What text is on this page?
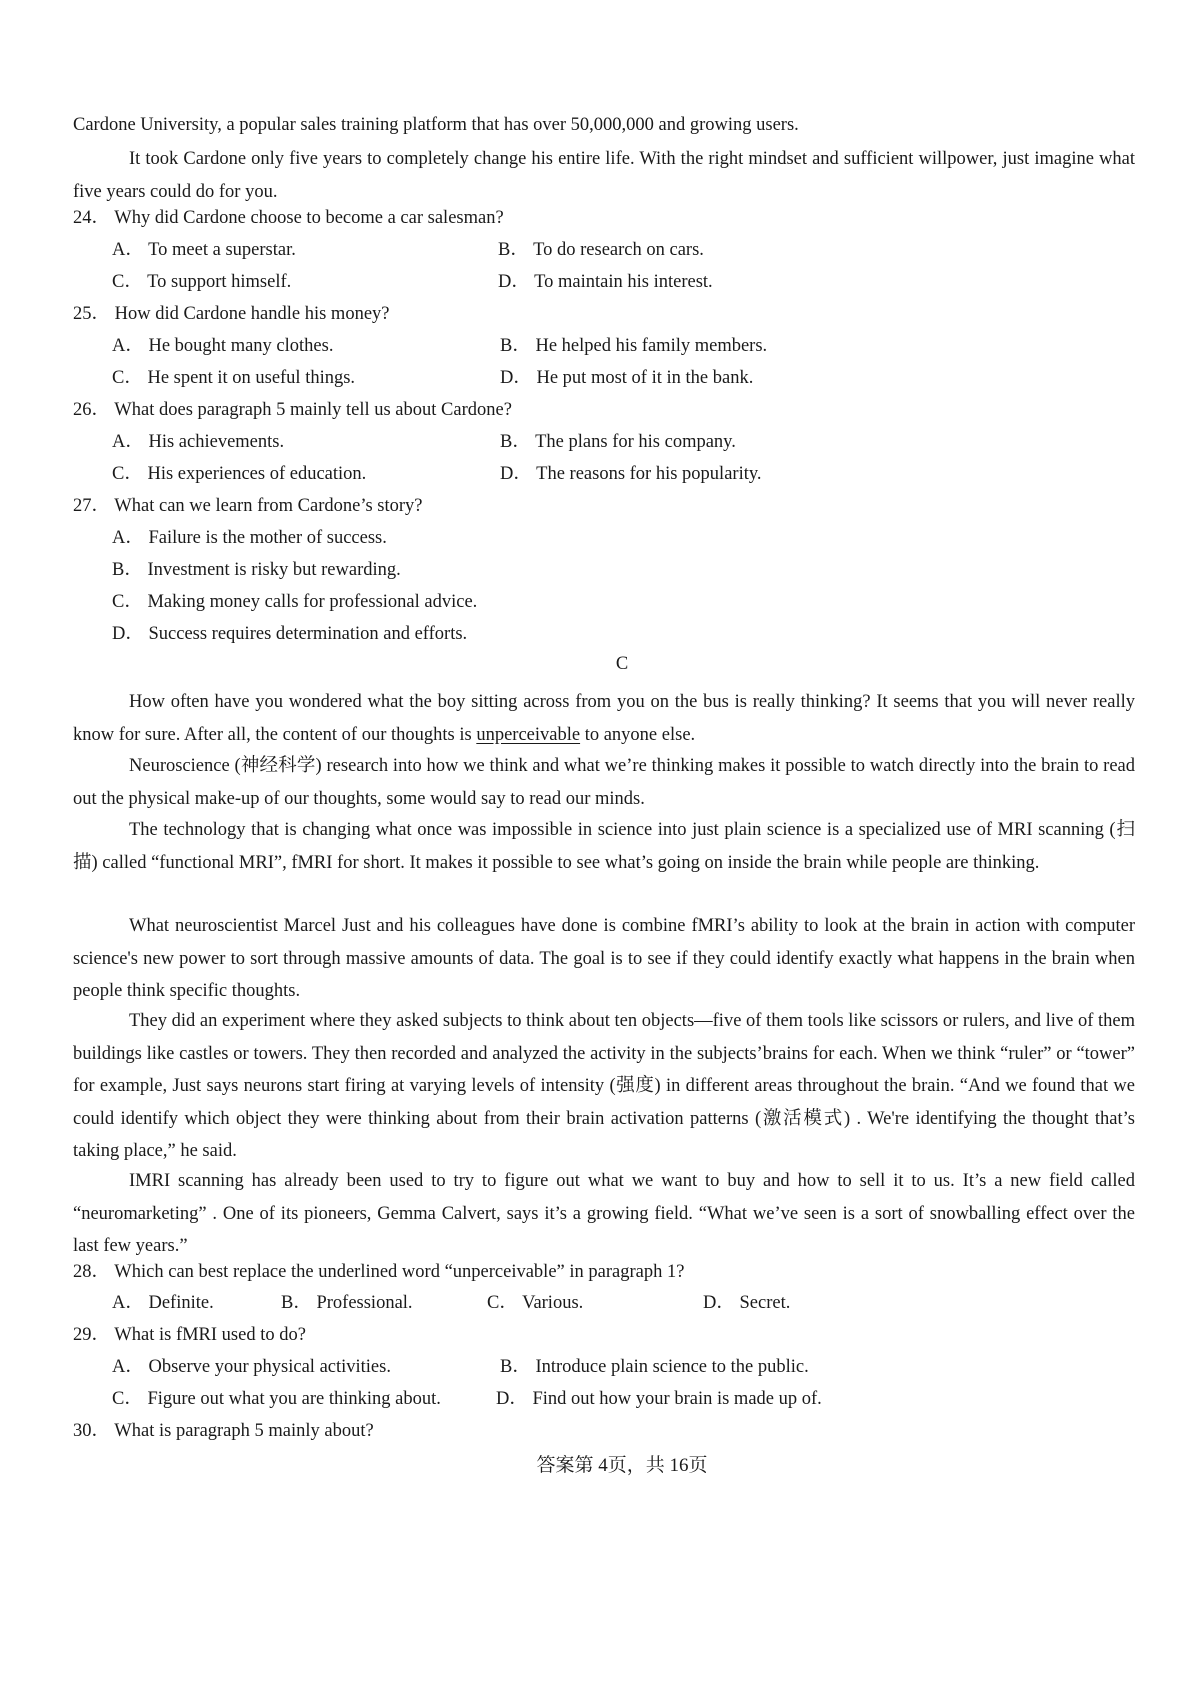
Cardone University, a popular sales training platform that has over 50,000,000 and growing users.

It took Cardone only five years to completely change his entire life. With the right mindset and sufficient willpower, just imagine what five years could do for you.

24． Why did Cardone choose to become a car salesman?
A． To meet a superstar.	B． To do research on cars.
C． To support himself.	D． To maintain his interest.
25． How did Cardone handle his money?
A． He bought many clothes.	B． He helped his family members.
C． He spent it on useful things.	D． He put most of it in the bank.
26． What does paragraph 5 mainly tell us about Cardone?
A． His achievements.	B． The plans for his company.
C． His experiences of education.	D． The reasons for his popularity.
27． What can we learn from Cardone’s story?
A． Failure is the mother of success.
B． Investment is risky but rewarding.
C． Making money calls for professional advice.
D． Success requires determination and efforts.
C

How often have you wondered what the boy sitting across from you on the bus is really thinking? It seems that you will never really know for sure. After all, the content of our thoughts is unperceivable to anyone else.

Neuroscience (神经科学) research into how we think and what we’re thinking makes it possible to watch directly into the brain to read out the physical make-up of our thoughts, some would say to read our minds.

The technology that is changing what once was impossible in science into just plain science is a specialized use of MRI scanning (扫描) called “functional MRI”, fMRI for short. It makes it possible to see what’s going on inside the brain while people are thinking.

What neuroscientist Marcel Just and his colleagues have done is combine fMRI’s ability to look at the brain in action with computer science's new power to sort through massive amounts of data. The goal is to see if they could identify exactly what happens in the brain when people think specific thoughts.

They did an experiment where they asked subjects to think about ten objects—five of them tools like scissors or rulers, and live of them buildings like castles or towers. They then recorded and analyzed the activity in the subjects’brains for each. When we think “ruler” or “tower” for example, Just says neurons start firing at varying levels of intensity (强度) in different areas throughout the brain. “And we found that we could identify which object they were thinking about from their brain activation patterns (激活模式) . We're identifying the thought that’s taking place,” he said.

IMRI scanning has already been used to try to figure out what we want to buy and how to sell it to us. It’s a new field called “neuromarketing” . One of its pioneers, Gemma Calvert, says it’s a growing field. “What we’ve seen is a sort of snowballing effect over the last few years.”

28． Which can best replace the underlined word “unperceivable” in paragraph 1?
A． Definite.	B． Professional.	C． Various.	D． Secret.
29． What is fMRI used to do?
A． Observe your physical activities.	B． Introduce plain science to the public.
C． Figure out what you are thinking about.	D． Find out how your brain is made up of.
30． What is paragraph 5 mainly about?
答案第 4页，共 16页
